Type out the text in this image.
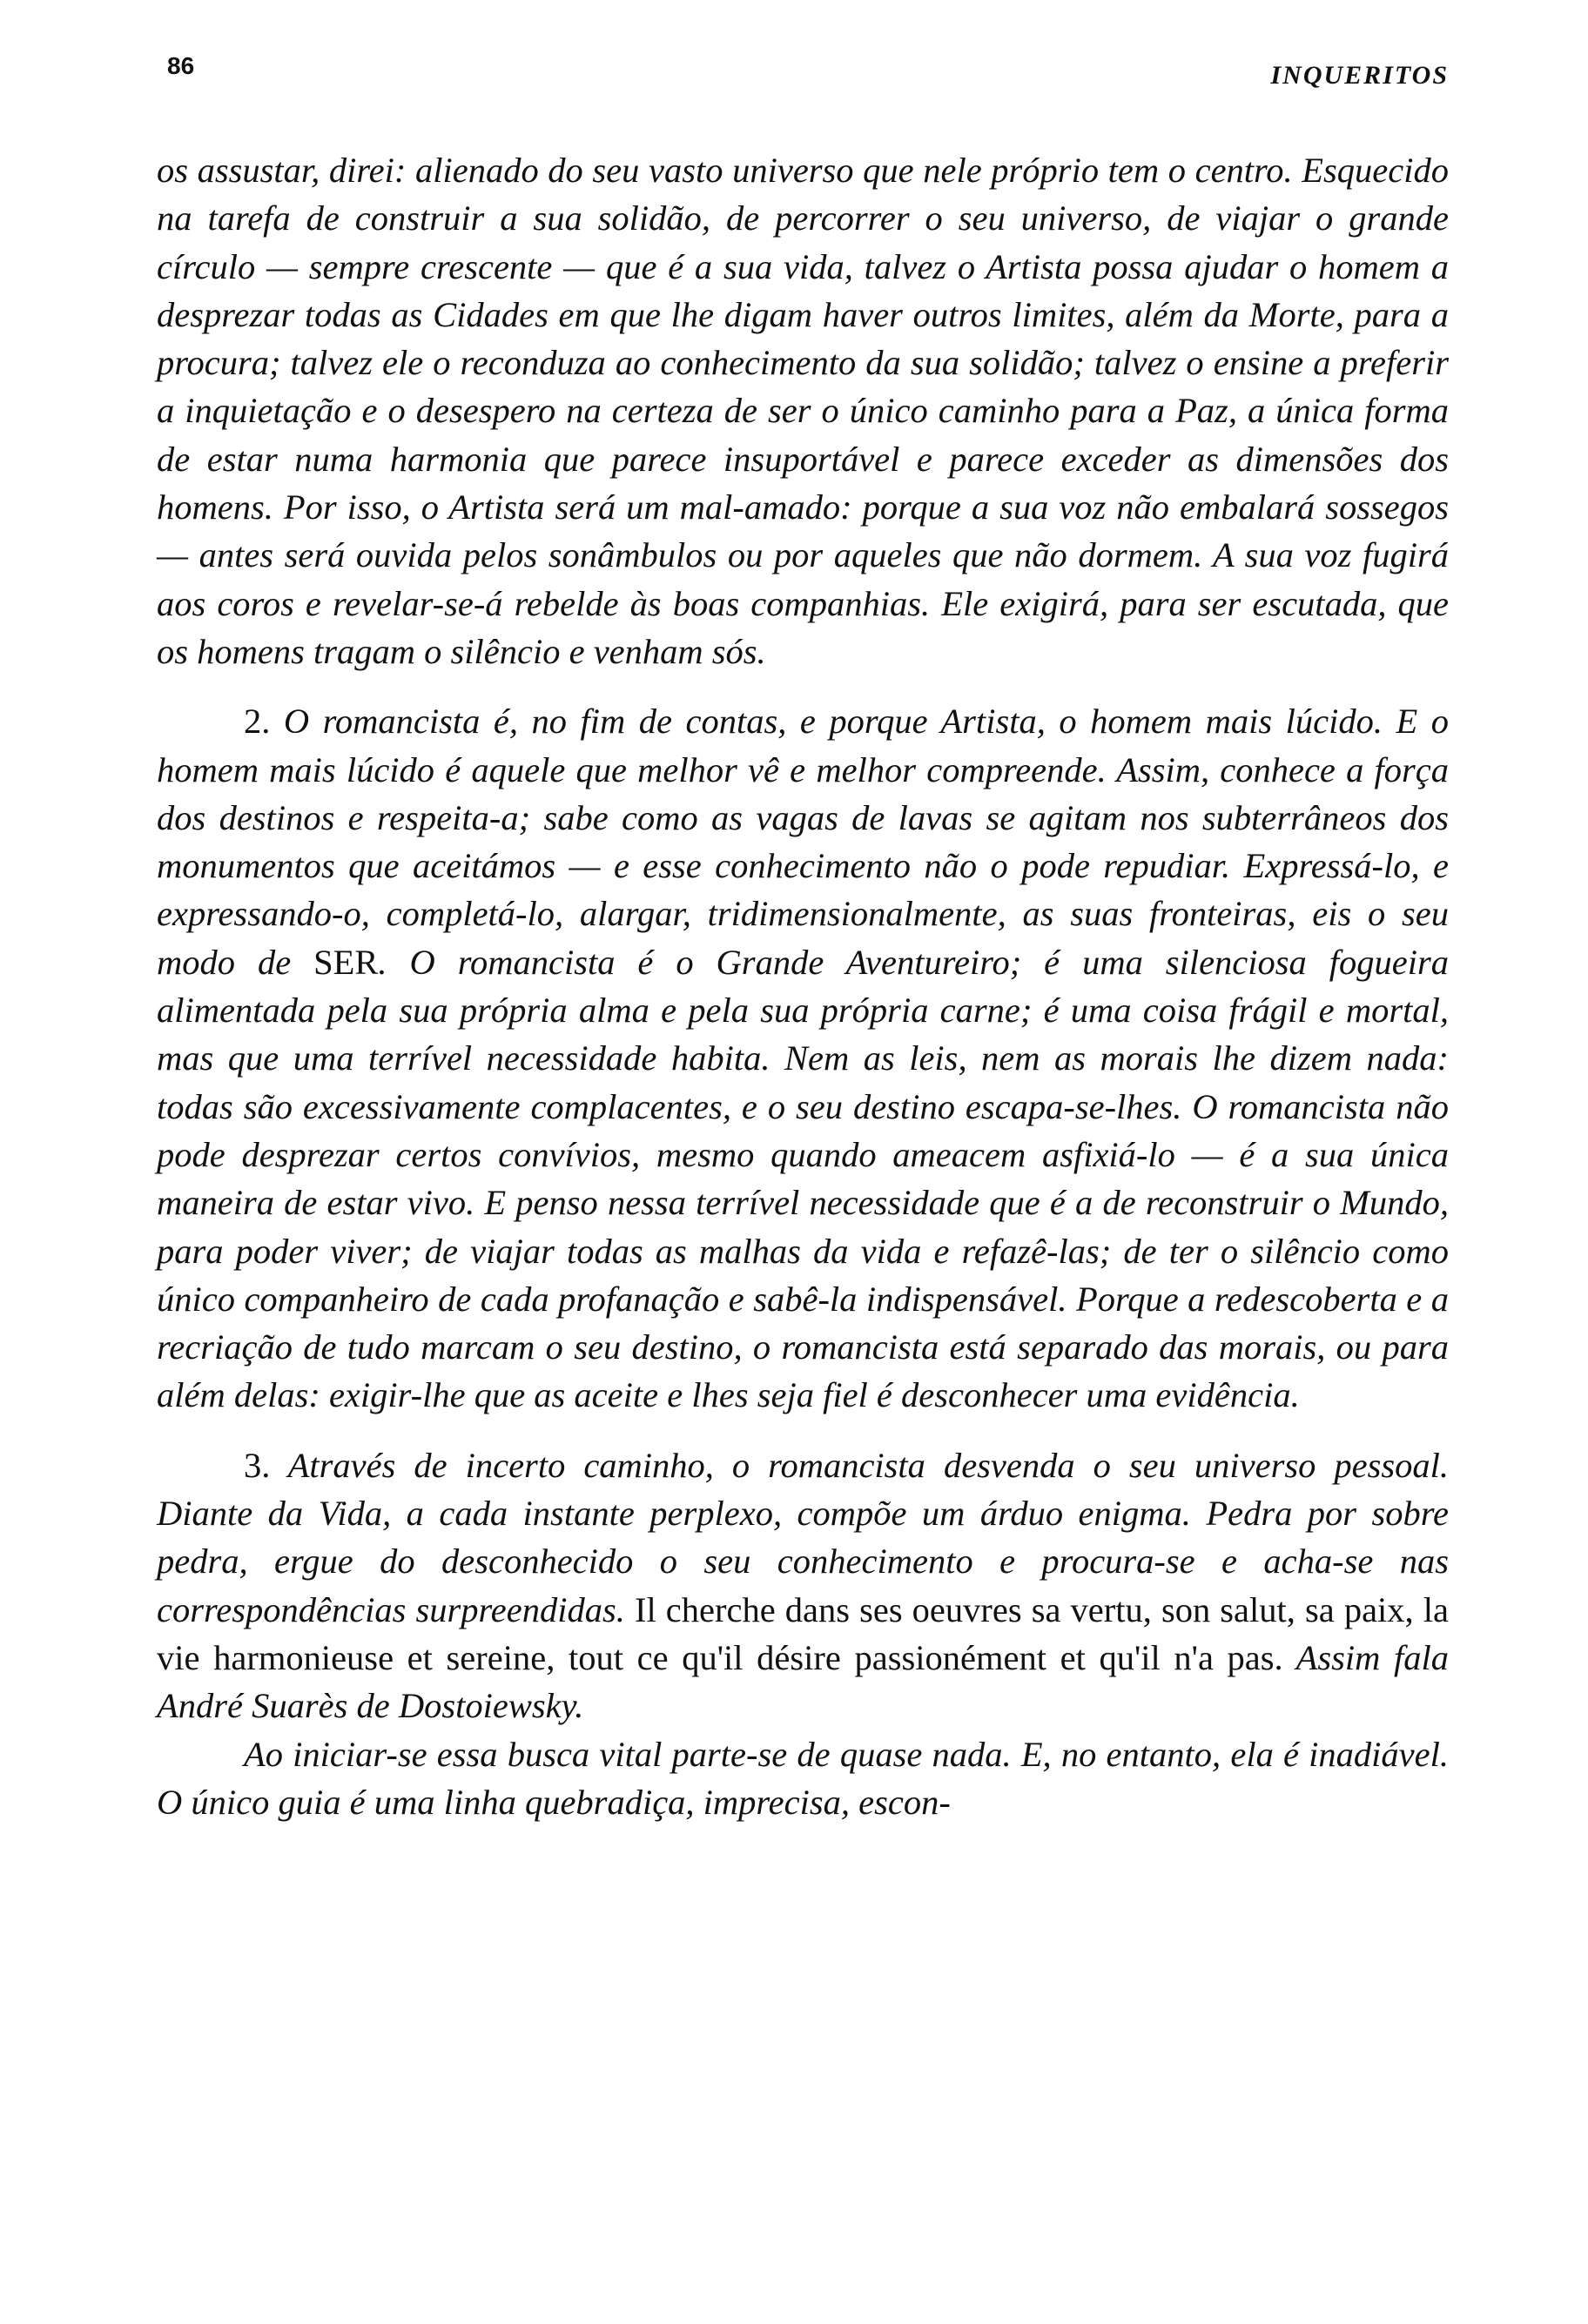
86	INQUERITOS

os assustar, direi: alienado do seu vasto universo que nele próprio tem o centro. Esquecido na tarefa de construir a sua solidão, de percorrer o seu universo, de viajar o grande círculo — sempre crescente — que é a sua vida, talvez o Artista possa ajudar o homem a desprezar todas as Cidades em que lhe digam haver outros limites, além da Morte, para a procura; talvez ele o reconduza ao conhecimento da sua solidão; talvez o ensine a preferir a inquietação e o desespero na certeza de ser o único caminho para a Paz, a única forma de estar numa harmonia que parece insuportável e parece exceder as dimensões dos homens. Por isso, o Artista será um mal-amado: porque a sua voz não embalará sossegos — antes será ouvida pelos sonâmbulos ou por aqueles que não dormem. A sua voz fugirá aos coros e revelar-se-á rebelde às boas companhias. Ele exigirá, para ser escutada, que os homens tragam o silêncio e venham sós.

2. O romancista é, no fim de contas, e porque Artista, o homem mais lúcido. E o homem mais lúcido é aquele que melhor vê e melhor compreende. Assim, conhece a força dos destinos e respeita-a; sabe como as vagas de lavas se agitam nos subterrâneos dos monumentos que aceitámos — e esse conhecimento não o pode repudiar. Expressá-lo, e expressando-o, completá-lo, alargar, tridimensionalmente, as suas fronteiras, eis o seu modo de SER. O romancista é o Grande Aventureiro; é uma silenciosa fogueira alimentada pela sua própria alma e pela sua própria carne; é uma coisa frágil e mortal, mas que uma terrível necessidade habita. Nem as leis, nem as morais lhe dizem nada: todas são excessivamente complacentes, e o seu destino escapa-se-lhes. O romancista não pode desprezar certos convívios, mesmo quando ameacem asfixiá-lo — é a sua única maneira de estar vivo. E penso nessa terrível necessidade que é a de reconstruir o Mundo, para poder viver; de viajar todas as malhas da vida e refazê-las; de ter o silêncio como único companheiro de cada profanação e sabê-la indispensável. Porque a redescoberta e a recriação de tudo marcam o seu destino, o romancista está separado das morais, ou para além delas: exigir-lhe que as aceite e lhes seja fiel é desconhecer uma evidência.

3. Através de incerto caminho, o romancista desvenda o seu universo pessoal. Diante da Vida, a cada instante perplexo, compõe um árduo enigma. Pedra por sobre pedra, ergue do desconhecido o seu conhecimento e procura-se e acha-se nas correspondências surpreendidas. Il cherche dans ses oeuvres sa vertu, son salut, sa paix, la vie harmonieuse et sereine, tout ce qu'il désire passionément et qu'il n'a pas. Assim fala André Suarès de Dostoiewsky.

Ao iniciar-se essa busca vital parte-se de quase nada. E, no entanto, ela é inadiável. O único guia é uma linha quebradiça, imprecisa, escon-
